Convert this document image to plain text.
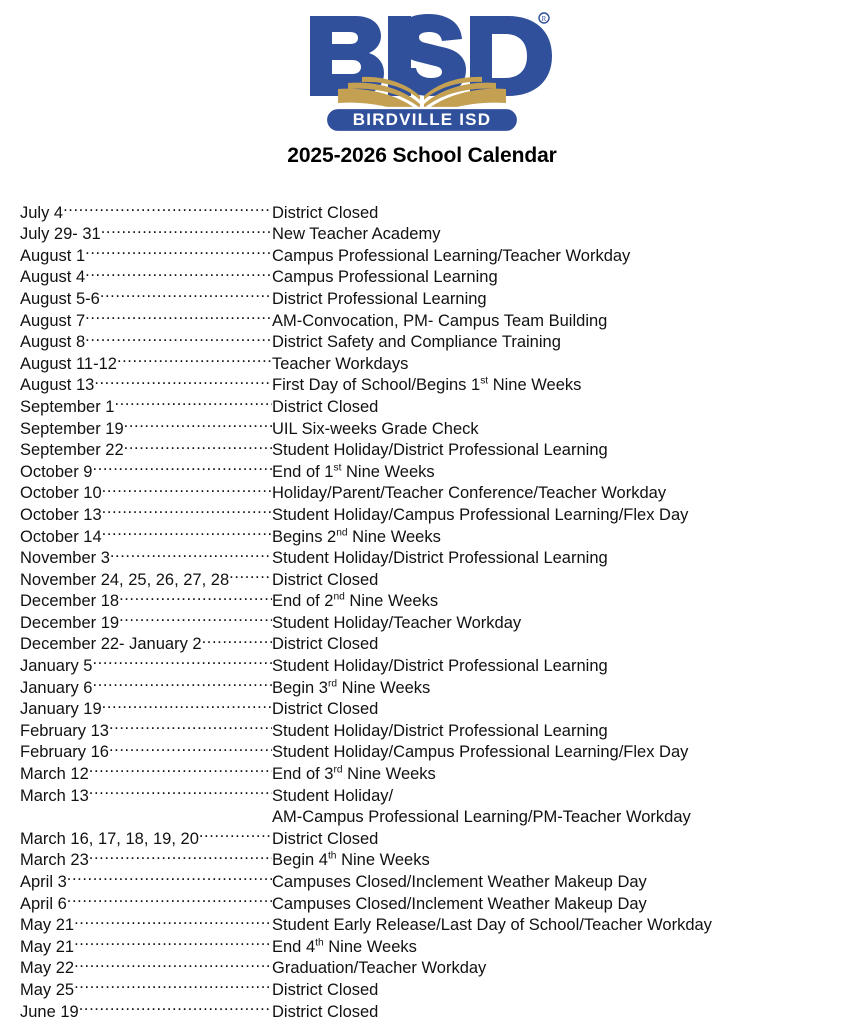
R
BIRDVILLE ISD
2025-2026 School Calendar
July 4 .....	District Closed
July 29- 31 .....	New Teacher Academy
August 1 .....	Campus Professional Learning/Teacher Workday
August 4 .....	Campus Professional Learning
August 5-6 .....	District Professional Learning
August 7 .....	AM-Convocation, PM- Campus Team Building
August 8 .....	District Safety and Compliance Training
August 11-12 .....	Teacher Workdays
August 13 .....	First Day of School/Begins 1st Nine Weeks
September 1 .....	District Closed
September 19 .....	UIL Six-weeks Grade Check
September 22 .....	Student Holiday/District Professional Learning
October 9 .....	End of 1st Nine Weeks
October 10 .....	Holiday/Parent/Teacher Conference/Teacher Workday
October 13 .....	Student Holiday/Campus Professional Learning/Flex Day
October 14 .....	Begins 2nd Nine Weeks
November 3 .....	Student Holiday/District Professional Learning
November 24, 25, 26, 27, 28 .....	District Closed
December 18 .....	End of 2nd Nine Weeks
December 19 .....	Student Holiday/Teacher Workday
December 22- January 2 .....	District Closed
January 5 .....	Student Holiday/District Professional Learning
January 6 .....	Begin 3rd Nine Weeks
January 19 .....	District Closed
February 13 .....	Student Holiday/District Professional Learning
February 16 .....	Student Holiday/Campus Professional Learning/Flex Day
March 12 .....	End of 3rd Nine Weeks
March 13 .....	Student Holiday/
AM-Campus Professional Learning/PM-Teacher Workday
March 16, 17, 18, 19, 20 .....	District Closed
March 23 .....	Begin 4th Nine Weeks
April 3 .....	Campuses Closed/Inclement Weather Makeup Day
April 6 .....	Campuses Closed/Inclement Weather Makeup Day
May 21 .....	Student Early Release/Last Day of School/Teacher Workday
May 21 .....	End 4th Nine Weeks
May 22 .....	Graduation/Teacher Workday
May 25 .....	District Closed
June 19 .....	District Closed
